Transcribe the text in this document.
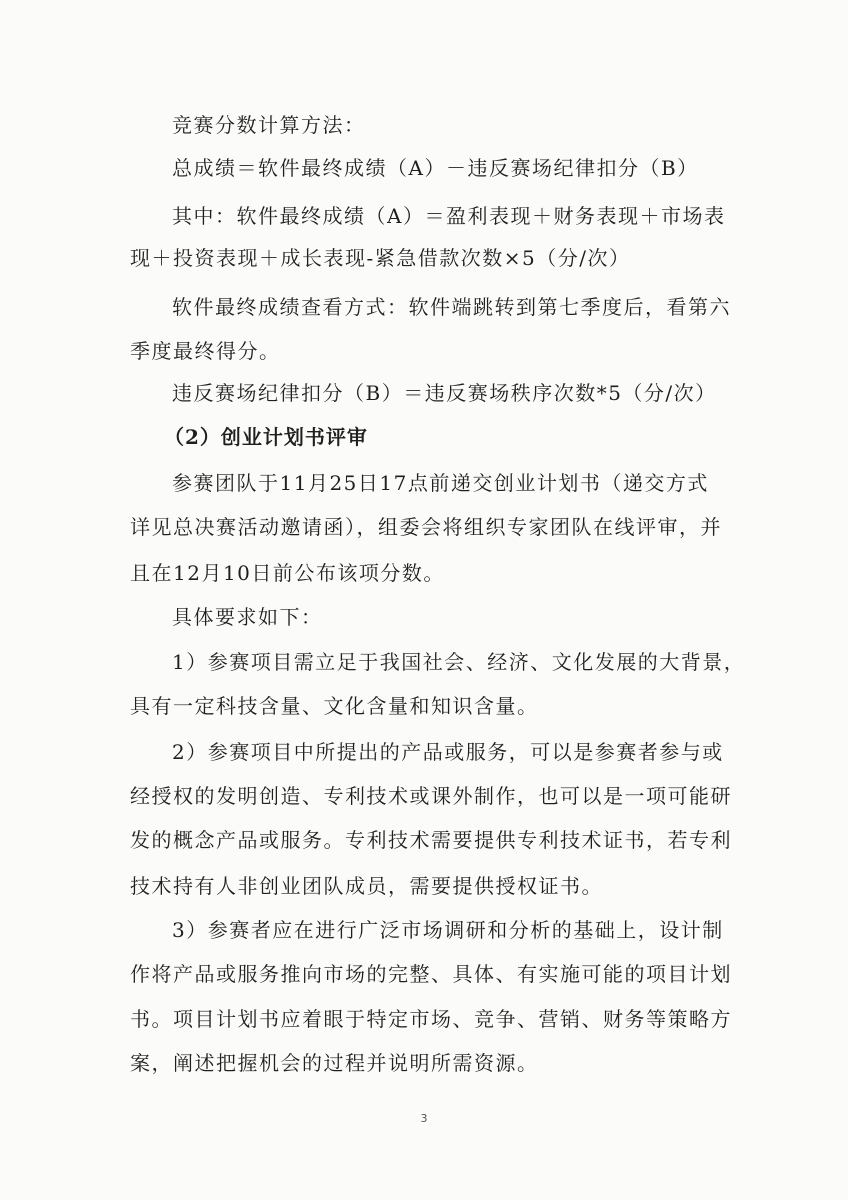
竞赛分数计算方法：
总成绩＝软件最终成绩（A）－违反赛场纪律扣分（B）
其中：软件最终成绩（A）＝盈利表现＋财务表现＋市场表
现＋投资表现＋成长表现-紧急借款次数×5（分/次）
软件最终成绩查看方式：软件端跳转到第七季度后，看第六
季度最终得分。
违反赛场纪律扣分（B）＝违反赛场秩序次数*5（分/次）
（2）创业计划书评审
参赛团队于11月25日17点前递交创业计划书（递交方式
详见总决赛活动邀请函），组委会将组织专家团队在线评审，并
且在12月10日前公布该项分数。
具体要求如下：
1）参赛项目需立足于我国社会、经济、文化发展的大背景，
具有一定科技含量、文化含量和知识含量。
2）参赛项目中所提出的产品或服务，可以是参赛者参与或
经授权的发明创造、专利技术或课外制作，也可以是一项可能研
发的概念产品或服务。专利技术需要提供专利技术证书，若专利
技术持有人非创业团队成员，需要提供授权证书。
3）参赛者应在进行广泛市场调研和分析的基础上，设计制
作将产品或服务推向市场的完整、具体、有实施可能的项目计划
书。项目计划书应着眼于特定市场、竞争、营销、财务等策略方
案，阐述把握机会的过程并说明所需资源。
3
